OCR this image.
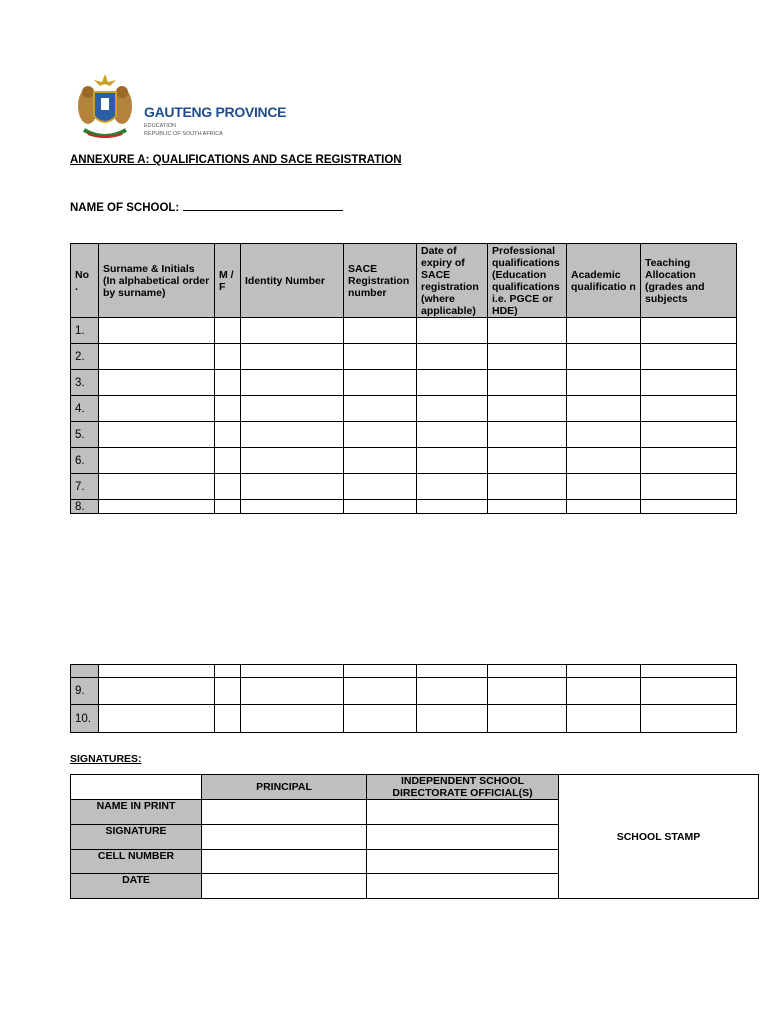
GAUTENG PROVINCE
EDUCATION
REPUBLIC OF SOUTH AFRICA
ANNEXURE A: QUALIFICATIONS AND SACE REGISTRATION
NAME OF SCHOOL:
No .	Surname & Initials (In alphabetical order by surname)	M / F	Identity Number	SACE Registration number	Date of expiry of SACE registration (where applicable)	Professional qualifications (Education qualifications i.e. PGCE or HDE)	Academic qualificatio n	Teaching Allocation (grades and subjects
1.								
2.								
3.								
4.								
5.								
6.								
7.								
8.								

9.								
10.								
SIGNATURES:
	PRINCIPAL	INDEPENDENT SCHOOL DIRECTORATE OFFICIAL(S)	SCHOOL STAMP
NAME IN PRINT			
SIGNATURE			
CELL NUMBER			
DATE			
